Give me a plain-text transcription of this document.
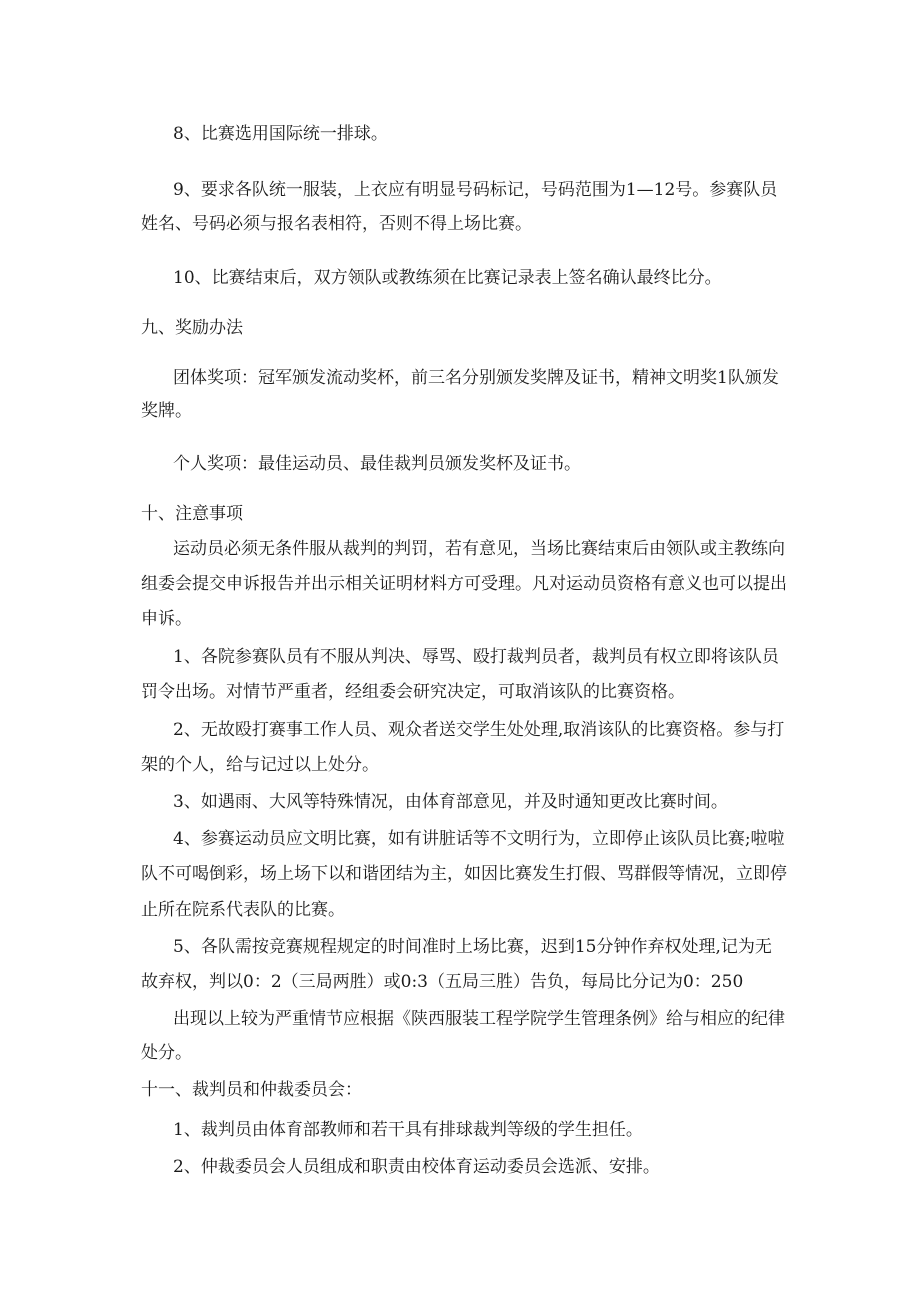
8、比赛选用国际统一排球。

9、要求各队统一服装，上衣应有明显号码标记，号码范围为1—12号。参赛队员

姓名、号码必须与报名表相符，否则不得上场比赛。

10、比赛结束后，双方领队或教练须在比赛记录表上签名确认最终比分。

九、奖励办法

团体奖项：冠军颁发流动奖杯，前三名分别颁发奖牌及证书，精神文明奖1队颁发

奖牌。

个人奖项：最佳运动员、最佳裁判员颁发奖杯及证书。

十、注意事项

运动员必须无条件服从裁判的判罚，若有意见，当场比赛结束后由领队或主教练向

组委会提交申诉报告并出示相关证明材料方可受理。凡对运动员资格有意义也可以提出

申诉。

1、各院参赛队员有不服从判决、辱骂、殴打裁判员者，裁判员有权立即将该队员

罚令出场。对情节严重者，经组委会研究决定，可取消该队的比赛资格。

2、无故殴打赛事工作人员、观众者送交学生处处理,取消该队的比赛资格。参与打

架的个人，给与记过以上处分。

3、如遇雨、大风等特殊情况，由体育部意见，并及时通知更改比赛时间。

4、参赛运动员应文明比赛，如有讲脏话等不文明行为，立即停止该队员比赛;啦啦

队不可喝倒彩，场上场下以和谐团结为主，如因比赛发生打假、骂群假等情况，立即停

止所在院系代表队的比赛。

5、各队需按竞赛规程规定的时间准时上场比赛，迟到15分钟作弃权处理,记为无

故弃权，判以0：2（三局两胜）或0:3（五局三胜）告负，每局比分记为0：250

出现以上较为严重情节应根据《陕西服装工程学院学生管理条例》给与相应的纪律

处分。

十一、裁判员和仲裁委员会：

1、裁判员由体育部教师和若干具有排球裁判等级的学生担任。

2、仲裁委员会人员组成和职责由校体育运动委员会选派、安排。
